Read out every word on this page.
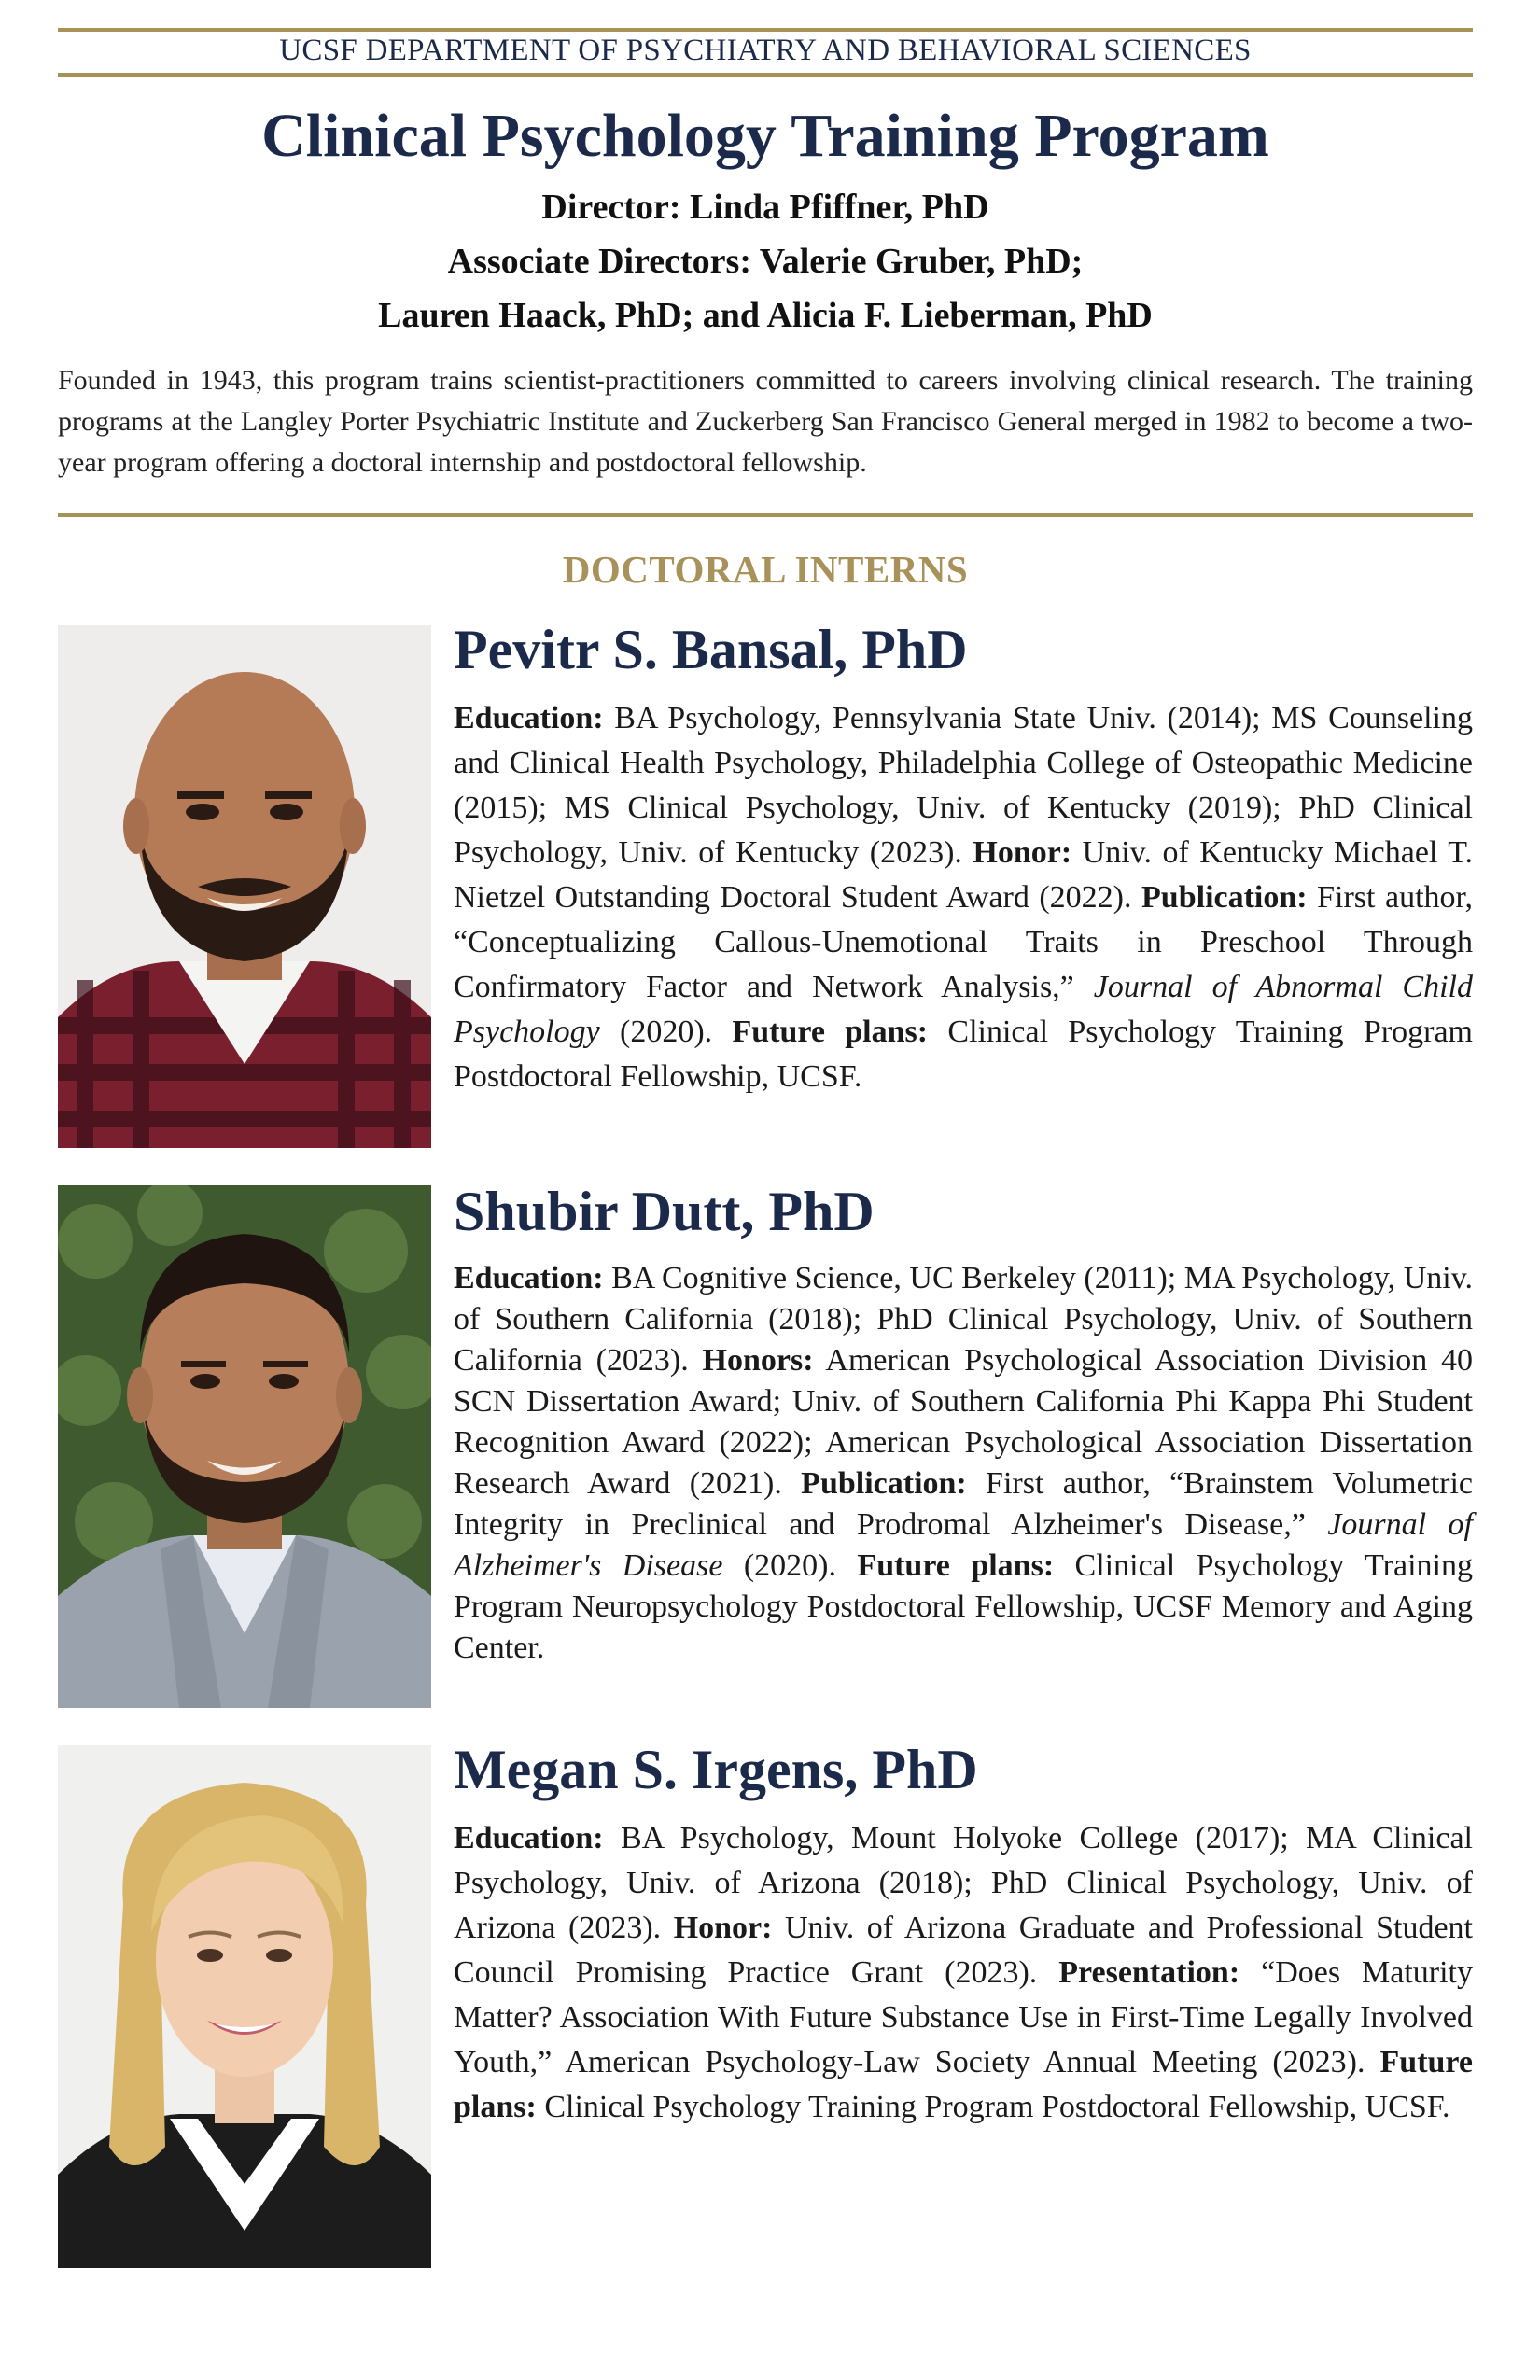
UCSF DEPARTMENT OF PSYCHIATRY AND BEHAVIORAL SCIENCES
Clinical Psychology Training Program
Director: Linda Pfiffner, PhD
Associate Directors: Valerie Gruber, PhD;
Lauren Haack, PhD; and Alicia F. Lieberman, PhD
Founded in 1943, this program trains scientist-practitioners committed to careers involving clinical research. The training programs at the Langley Porter Psychiatric Institute and Zuckerberg San Francisco General merged in 1982 to become a two-year program offering a doctoral internship and postdoctoral fellowship.
DOCTORAL INTERNS
Pevitr S. Bansal, PhD
Education: BA Psychology, Pennsylvania State Univ. (2014); MS Counseling and Clinical Health Psychology, Philadelphia College of Osteopathic Medicine (2015); MS Clinical Psychology, Univ. of Kentucky (2019); PhD Clinical Psychology, Univ. of Kentucky (2023). Honor: Univ. of Kentucky Michael T. Nietzel Outstanding Doctoral Student Award (2022). Publication: First author, “Conceptualizing Callous-Unemotional Traits in Preschool Through Confirmatory Factor and Network Analysis,” Journal of Abnormal Child Psychology (2020). Future plans: Clinical Psychology Training Program Postdoctoral Fellowship, UCSF.
Shubir Dutt, PhD
Education: BA Cognitive Science, UC Berkeley (2011); MA Psychology, Univ. of Southern California (2018); PhD Clinical Psychology, Univ. of Southern California (2023). Honors: American Psychological Association Division 40 SCN Dissertation Award; Univ. of Southern California Phi Kappa Phi Student Recognition Award (2022); American Psychological Association Dissertation Research Award (2021). Publication: First author, “Brainstem Volumetric Integrity in Preclinical and Prodromal Alzheimer's Disease,” Journal of Alzheimer's Disease (2020). Future plans: Clinical Psychology Training Program Neuropsychology Postdoctoral Fellowship, UCSF Memory and Aging Center.
Megan S. Irgens, PhD
Education: BA Psychology, Mount Holyoke College (2017); MA Clinical Psychology, Univ. of Arizona (2018); PhD Clinical Psychology, Univ. of Arizona (2023). Honor: Univ. of Arizona Graduate and Professional Student Council Promising Practice Grant (2023). Presentation: “Does Maturity Matter? Association With Future Substance Use in First-Time Legally Involved Youth,” American Psychology-Law Society Annual Meeting (2023). Future plans: Clinical Psychology Training Program Postdoctoral Fellowship, UCSF.
